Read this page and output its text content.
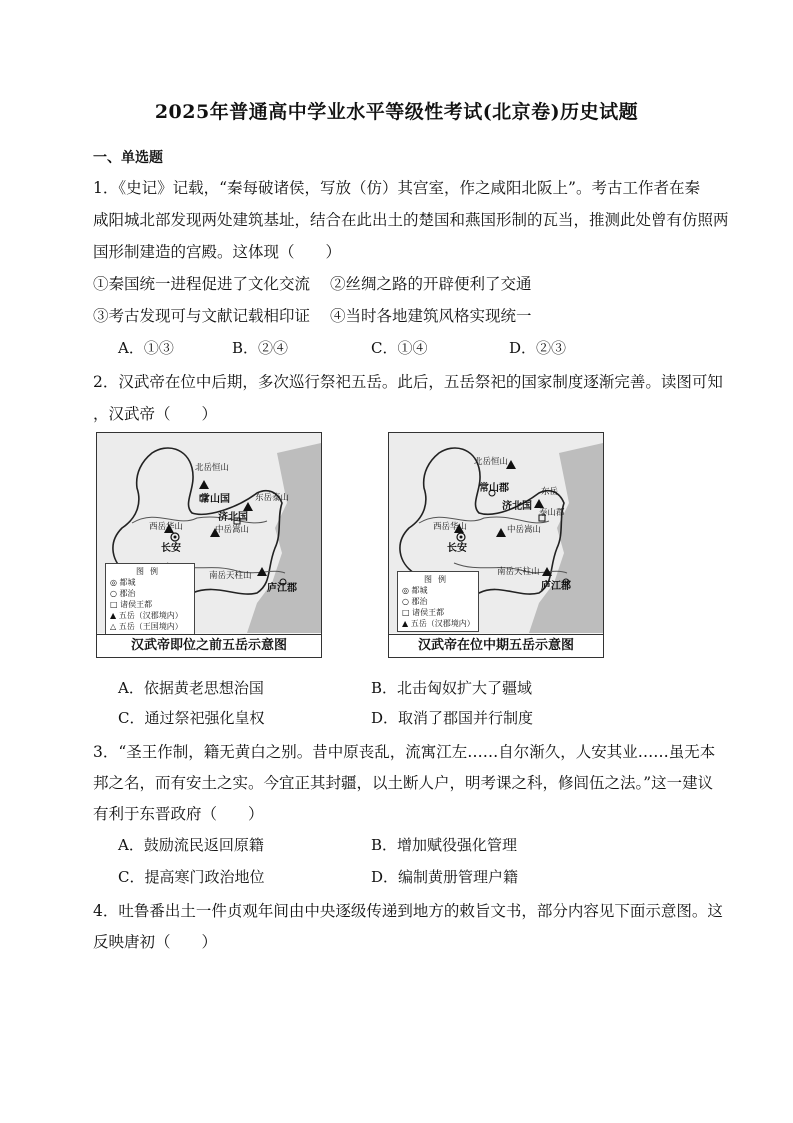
2025年普通高中学业水平等级性考试(北京卷)历史试题
一、单选题
1．《史记》记载，“秦每破诸侯，写放（仿）其宫室，作之咸阳北阪上”。考古工作者在秦
咸阳城北部发现两处建筑基址，结合在此出土的楚国和燕国形制的瓦当，推测此处曾有仿照两
国形制建造的宫殿。这体现（　　）
①秦国统一进程促进了文化交流 ②丝绸之路的开辟便利了交通
③考古发现可与文献记载相印证 ④当时各地建筑风格实现统一
A．①③	B．②④	C．①④	D．②③
2．汉武帝在位中后期，多次巡行祭祀五岳。此后，五岳祭祀的国家制度逐渐完善。读图可知
，汉武帝（　　）
北岳恒山
常山国	东岳泰山
济北国
西岳华山	中岳嵩山
长安
南岳天柱山
庐江郡
图例
◎ 都城
○ 郡治
□ 诸侯王都
▲ 五岳（汉郡境内）
△ 五岳（王国境内）
汉武帝即位之前五岳示意图
北岳恒山
常山郡	东岳
济北国
泰山郡
西岳华山	中岳嵩山
长安
南岳天柱山
庐江郡
图例
◎ 都城
○ 郡治
□ 诸侯王都
▲ 五岳（汉郡境内）
汉武帝在位中期五岳示意图
A．依据黄老思想治国	B．北击匈奴扩大了疆域
C．通过祭祀强化皇权	D．取消了郡国并行制度
3．“圣王作制，籍无黄白之别。昔中原丧乱，流寓江左……自尔渐久，人安其业……虽无本
邦之名，而有安土之实。今宜正其封疆，以土断人户，明考课之科，修闾伍之法。”这一建议
有利于东晋政府（　　）
A．鼓励流民返回原籍	B．增加赋役强化管理
C．提高寒门政治地位	D．编制黄册管理户籍
4．吐鲁番出土一件贞观年间由中央逐级传递到地方的敕旨文书，部分内容见下面示意图。这
反映唐初（　　）
